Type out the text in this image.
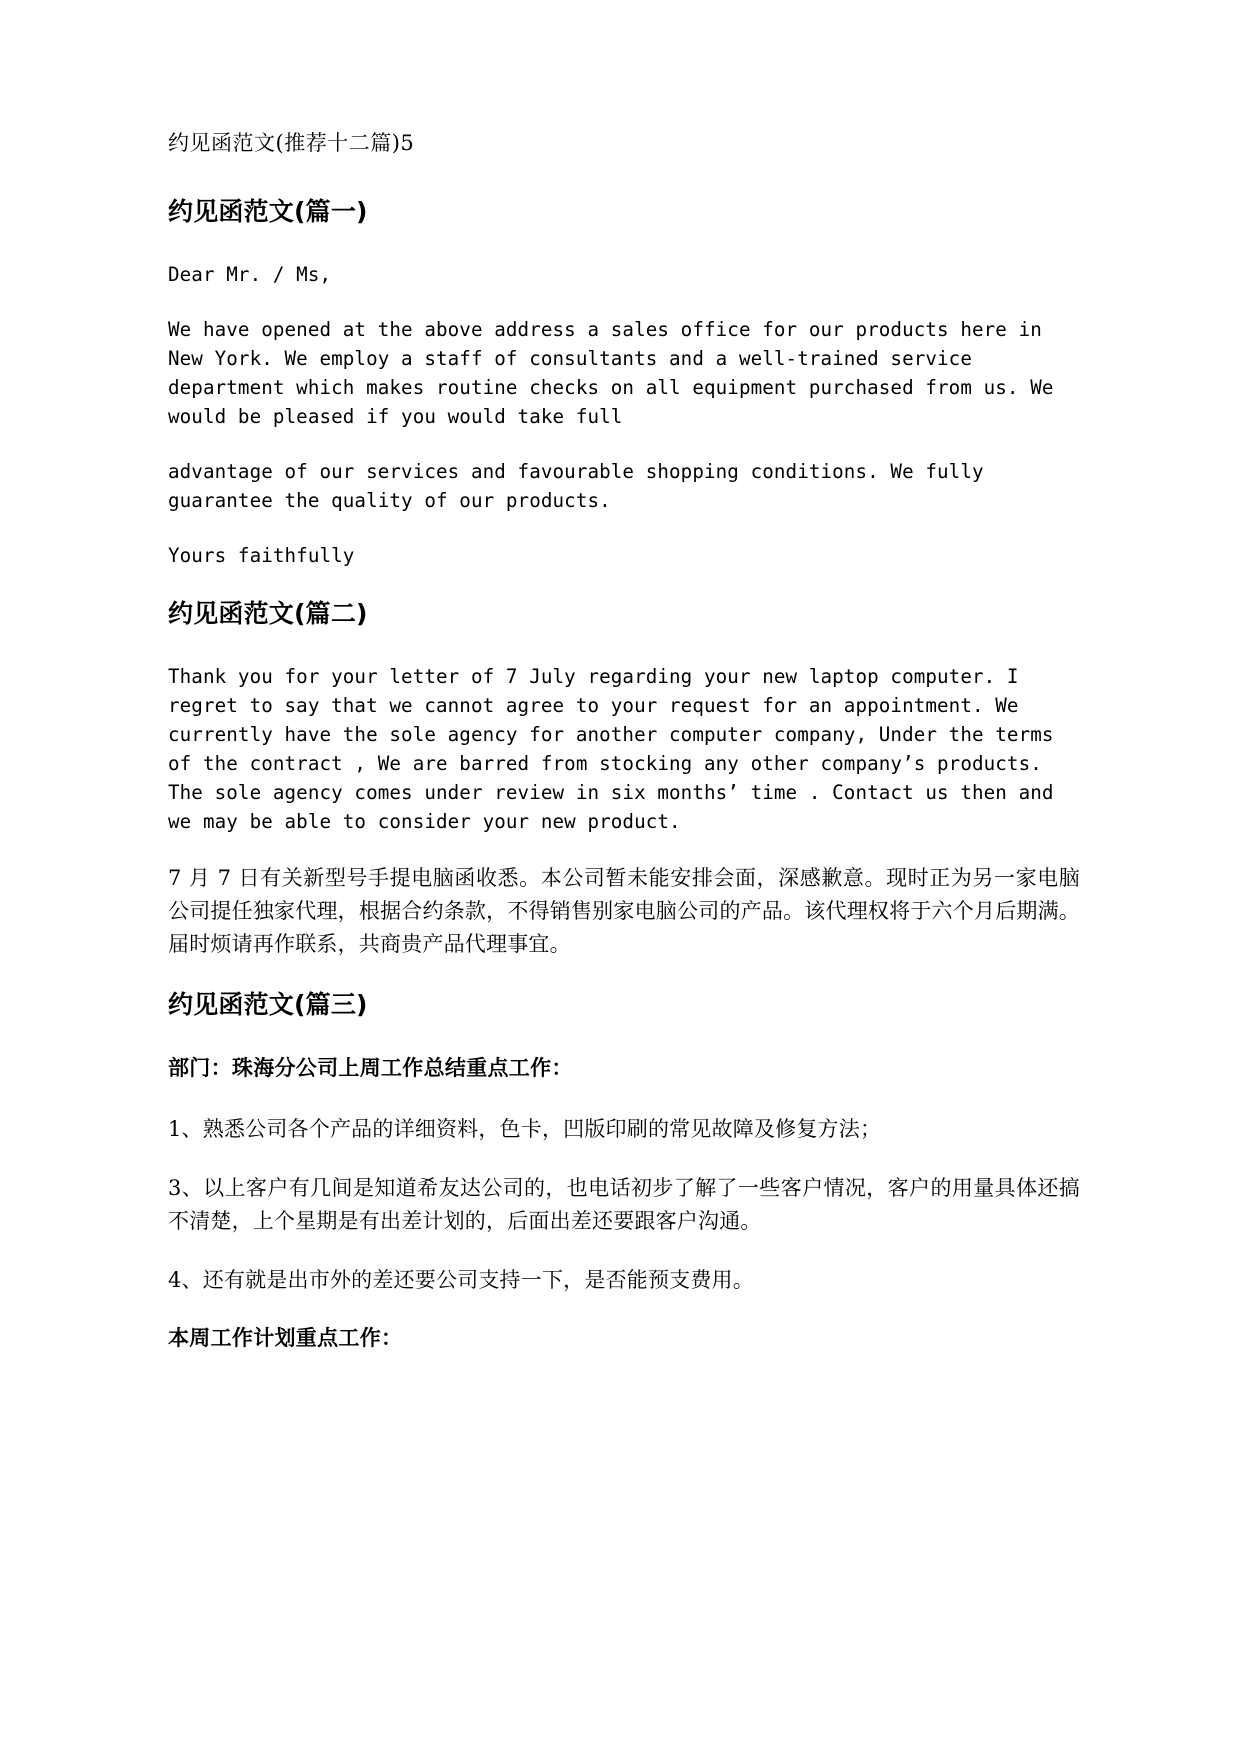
约见函范文(推荐十二篇)5
约见函范文(篇一)

Dear Mr. / Ms,

We have opened at the above address a sales office for our products here in New York. We employ a staff of consultants and a well-trained service department which makes routine checks on all equipment purchased from us. We would be pleased if you would take full

advantage of our services and favourable shopping conditions. We fully guarantee the quality of our products.

Yours faithfully

约见函范文(篇二)

Thank you for your letter of 7 July regarding your new laptop computer. I regret to say that we cannot agree to your request for an appointment. We currently have the sole agency for another computer company, Under the terms of the contract , We are barred from stocking any other company’s products. The sole agency comes under review in six months’ time . Contact us then and we may be able to consider your new product.

7 月 7 日有关新型号手提电脑函收悉。本公司暂未能安排会面，深感歉意。现时正为另一家电脑公司提任独家代理，根据合约条款，不得销售别家电脑公司的产品。该代理权将于六个月后期满。届时烦请再作联系，共商贵产品代理事宜。

约见函范文(篇三)

部门：珠海分公司上周工作总结重点工作：

1、熟悉公司各个产品的详细资料，色卡，凹版印刷的常见故障及修复方法；

3、以上客户有几间是知道希友达公司的，也电话初步了解了一些客户情况，客户的用量具体还搞不清楚，上个星期是有出差计划的，后面出差还要跟客户沟通。

4、还有就是出市外的差还要公司支持一下，是否能预支费用。

本周工作计划重点工作：
